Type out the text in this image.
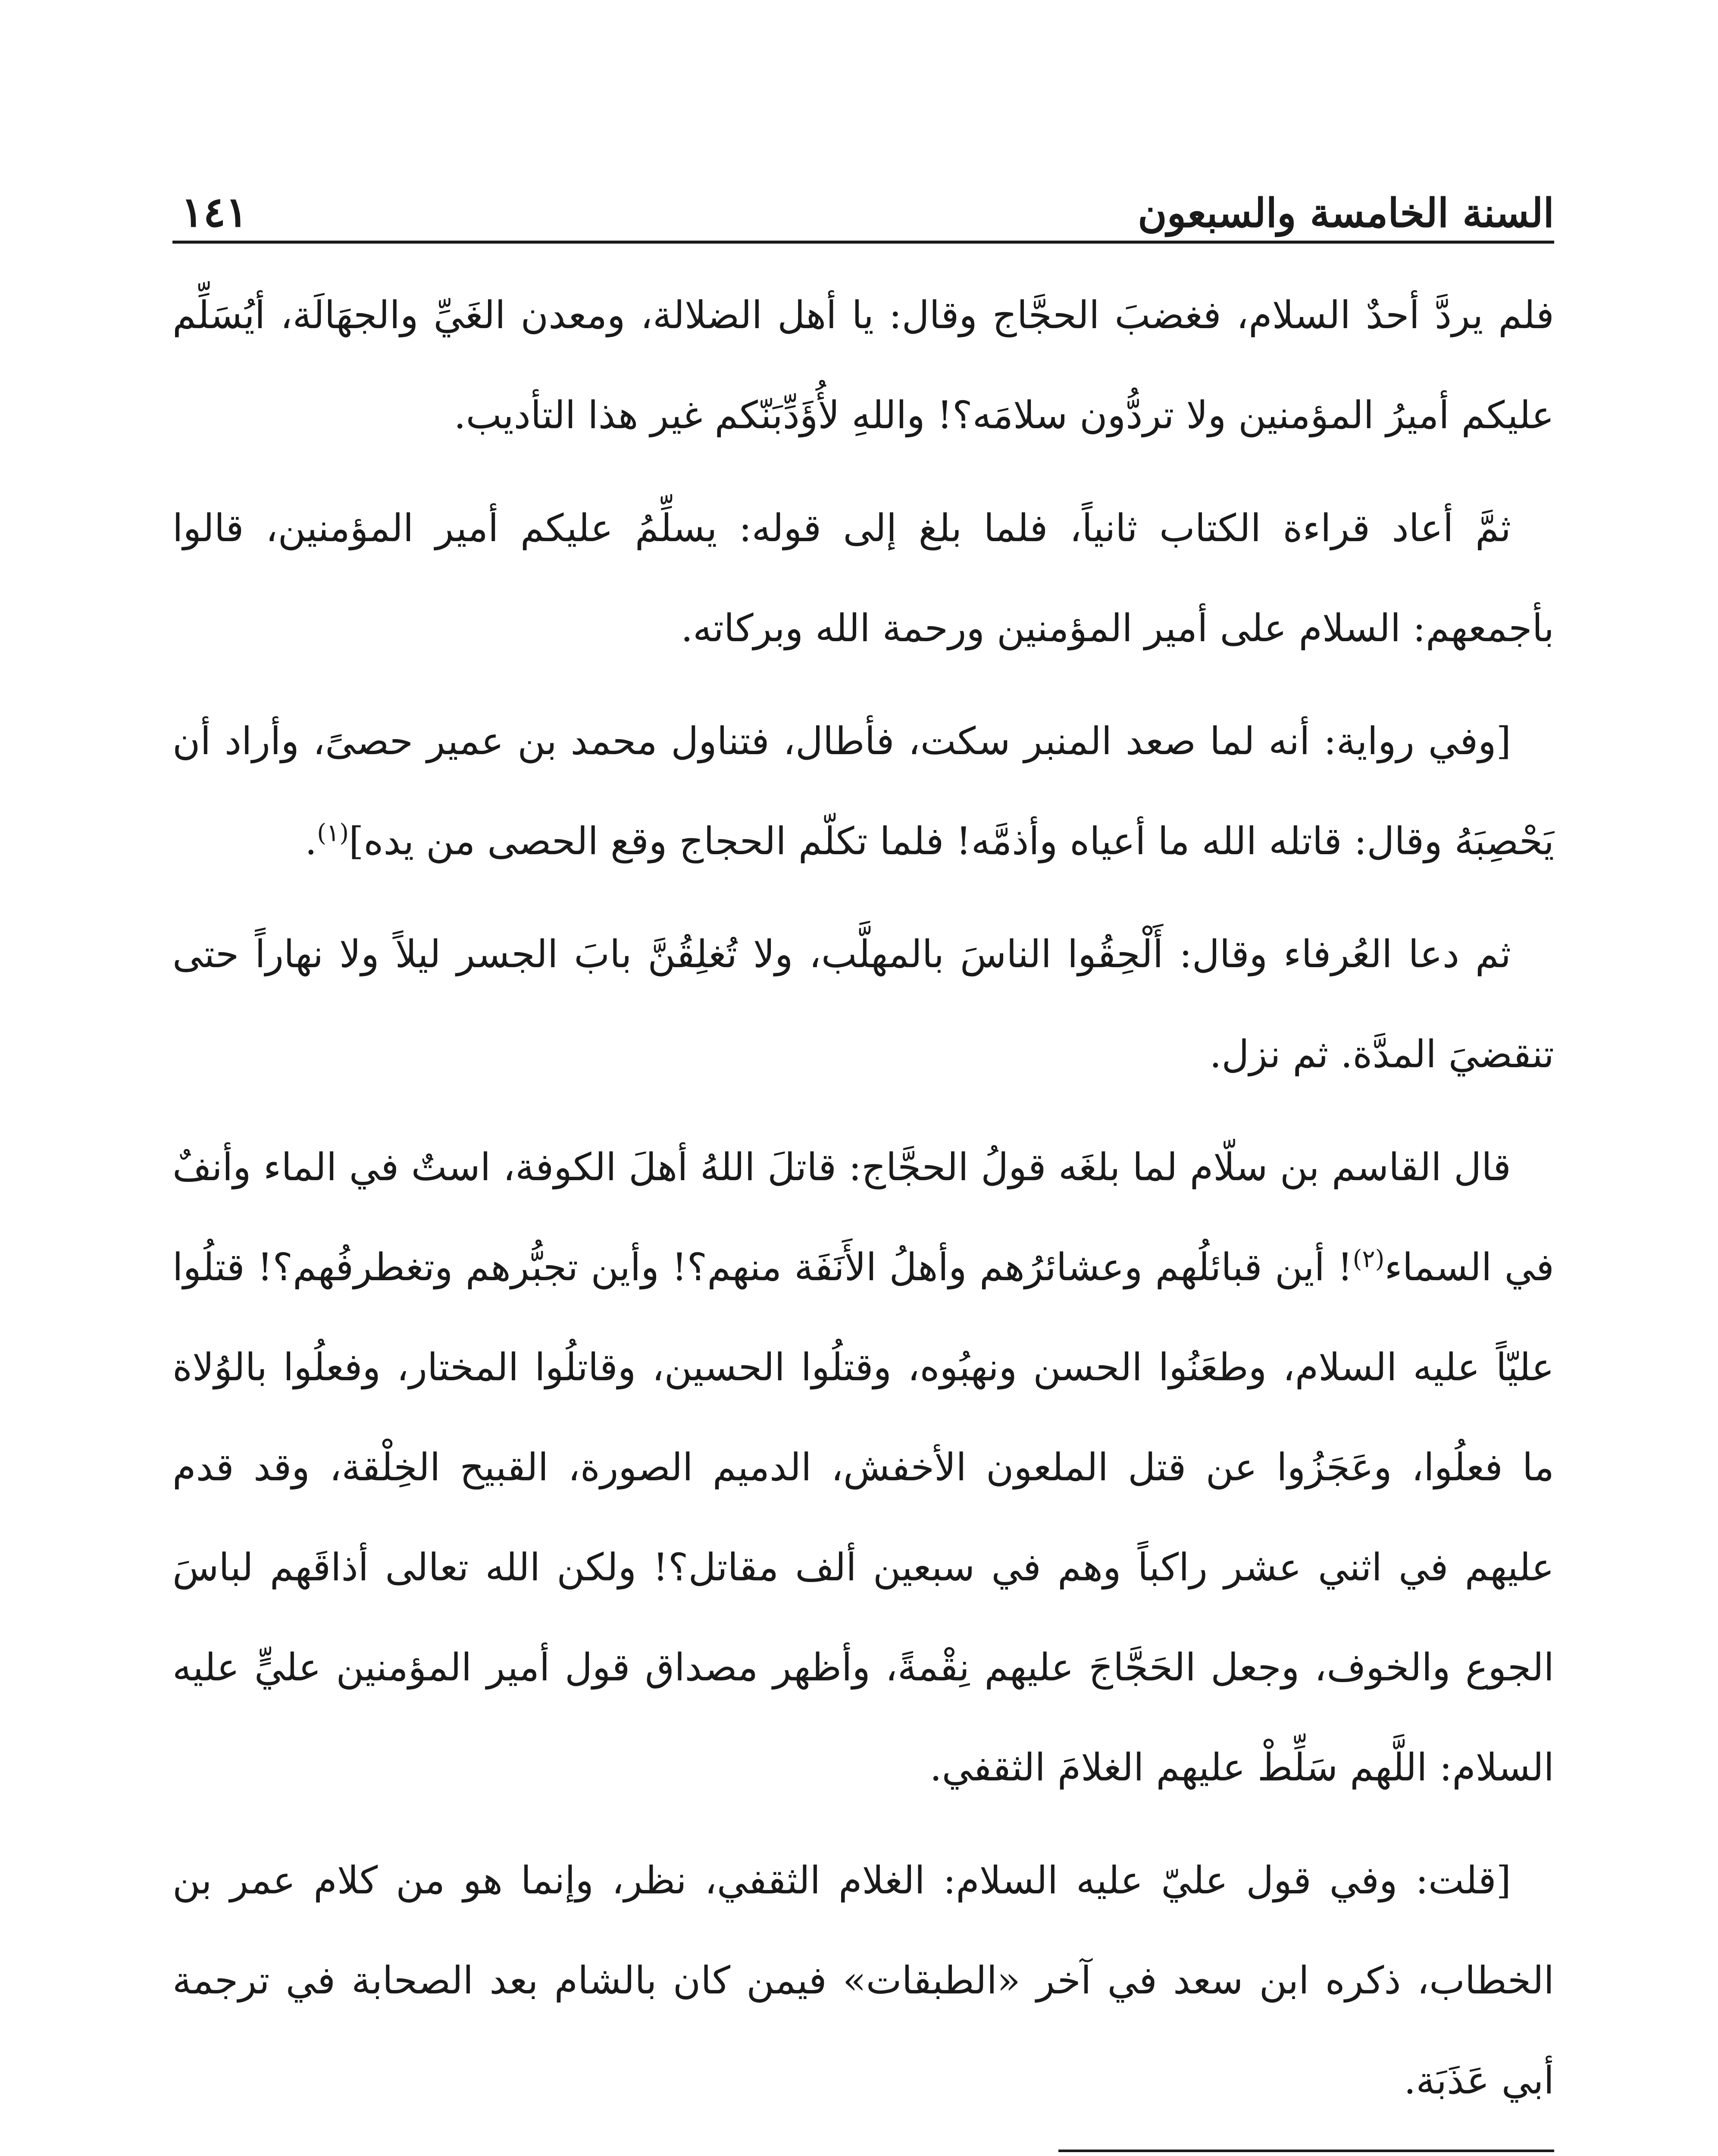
السنة الخامسة والسبعون
١٤١

فلم يردَّ أحدٌ السلام، فغضبَ الحجَّاج وقال: يا أهل الضلالة، ومعدن الغَيِّ والجهَالَة، أيُسَلِّم عليكم أميرُ المؤمنين ولا تردُّون سلامَه؟! واللهِ لأُؤَدِّبَنّكم غير هذا التأديب.

ثمَّ أعاد قراءة الكتاب ثانياً، فلما بلغ إلى قوله: يسلِّمُ عليكم أمير المؤمنين، قالوا بأجمعهم: السلام على أمير المؤمنين ورحمة الله وبركاته.

[وفي رواية: أنه لما صعد المنبر سكت، فأطال، فتناول محمد بن عمير حصىً، وأراد أن يَحْصِبَهُ وقال: قاتله الله ما أعياه وأذمَّه! فلما تكلّم الحجاج وقع الحصى من يده]$^{(١)}$.

ثم دعا العُرفاء وقال: أَلْحِقُوا الناسَ بالمهلَّب، ولا تُغلِقُنَّ بابَ الجسر ليلاً ولا نهاراً حتى تنقضيَ المدَّة. ثم نزل.

قال القاسم بن سلّام لما بلغَه قولُ الحجَّاج: قاتلَ اللهُ أهلَ الكوفة، استٌ في الماء وأنفٌ في السماء$^{(٢)}$! أين قبائلُهم وعشائرُهم وأهلُ الأَنَفَة منهم؟! وأين تجبُّرهم وتغطرفُهم؟! قتلُوا عليّاً عليه السلام، وطعَنُوا الحسن ونهبُوه، وقتلُوا الحسين، وقاتلُوا المختار، وفعلُوا بالوُلاة ما فعلُوا، وعَجَزُوا عن قتل الملعون الأخفش، الدميم الصورة، القبيح الخِلْقة، وقد قدم عليهم في اثني عشر راكباً وهم في سبعين ألف مقاتل؟! ولكن الله تعالى أذاقَهم لباسَ الجوع والخوف، وجعل الحَجَّاجَ عليهم نِقْمةً، وأظهر مصداق قول أمير المؤمنين عليٍّ عليه السلام: اللَّهم سَلِّطْ عليهم الغلامَ الثقفي.

[قلت: وفي قول عليّ عليه السلام: الغلام الثقفي، نظر، وإنما هو من كلام عمر بن الخطاب، ذكره ابن سعد في آخر «الطبقات» فيمن كان بالشام بعد الصحابة في ترجمة أبي عَذَبَة.
